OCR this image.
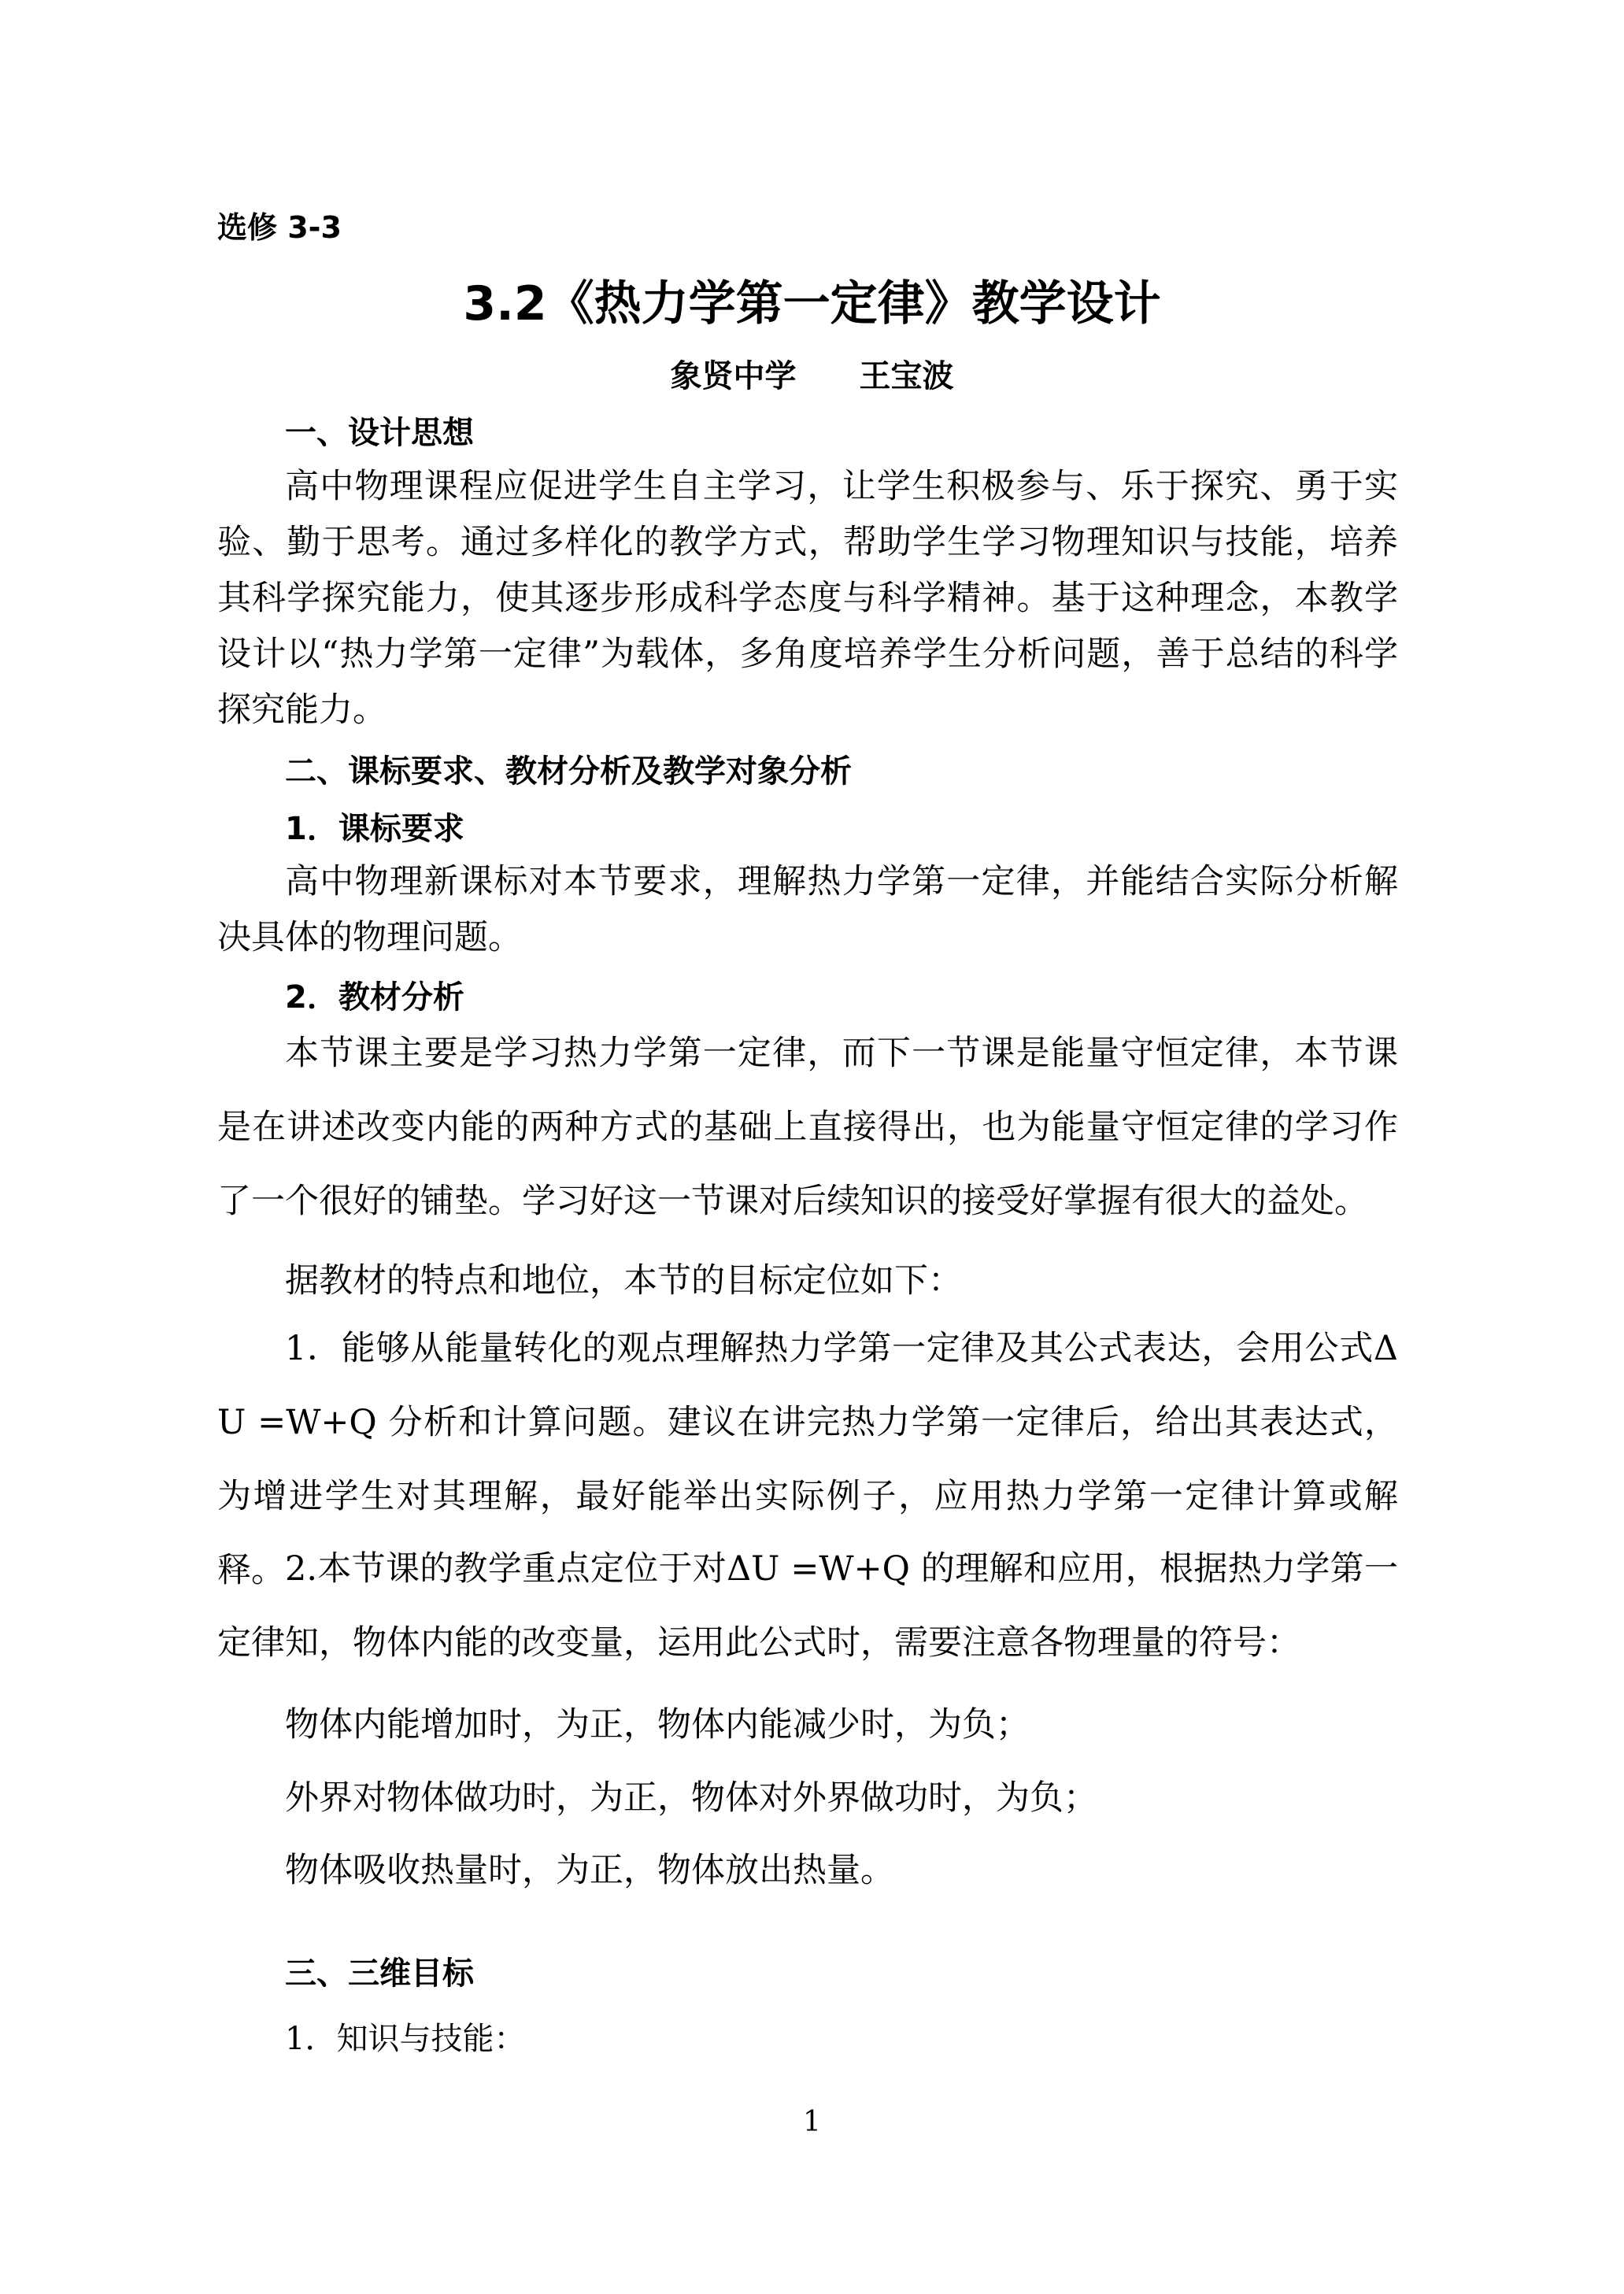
选修 3-3
3.2《热力学第一定律》教学设计
象贤中学 王宝波
一、设计思想
高中物理课程应促进学生自主学习，让学生积极参与、乐于探究、勇于实验、勤于思考。通过多样化的教学方式，帮助学生学习物理知识与技能，培养其科学探究能力，使其逐步形成科学态度与科学精神。基于这种理念，本教学设计以“热力学第一定律”为载体，多角度培养学生分析问题，善于总结的科学探究能力。
二、课标要求、教材分析及教学对象分析
1．课标要求
高中物理新课标对本节要求，理解热力学第一定律，并能结合实际分析解决具体的物理问题。
2．教材分析
本节课主要是学习热力学第一定律，而下一节课是能量守恒定律，本节课是在讲述改变内能的两种方式的基础上直接得出，也为能量守恒定律的学习作了一个很好的铺垫。学习好这一节课对后续知识的接受好掌握有很大的益处。
据教材的特点和地位，本节的目标定位如下：
1．能够从能量转化的观点理解热力学第一定律及其公式表达，会用公式ΔU =W+Q 分析和计算问题。建议在讲完热力学第一定律后，给出其表达式，为增进学生对其理解，最好能举出实际例子，应用热力学第一定律计算或解释。 2.本节课的教学重点定位于对ΔU =W+Q 的理解和应用，根据热力学第一定律知，物体内能的改变量，运用此公式时，需要注意各物理量的符号：
物体内能增加时，为正，物体内能减少时，为负；
外界对物体做功时，为正，物体对外界做功时，为负；
物体吸收热量时，为正，物体放出热量。
三、三维目标
1．知识与技能：
1
